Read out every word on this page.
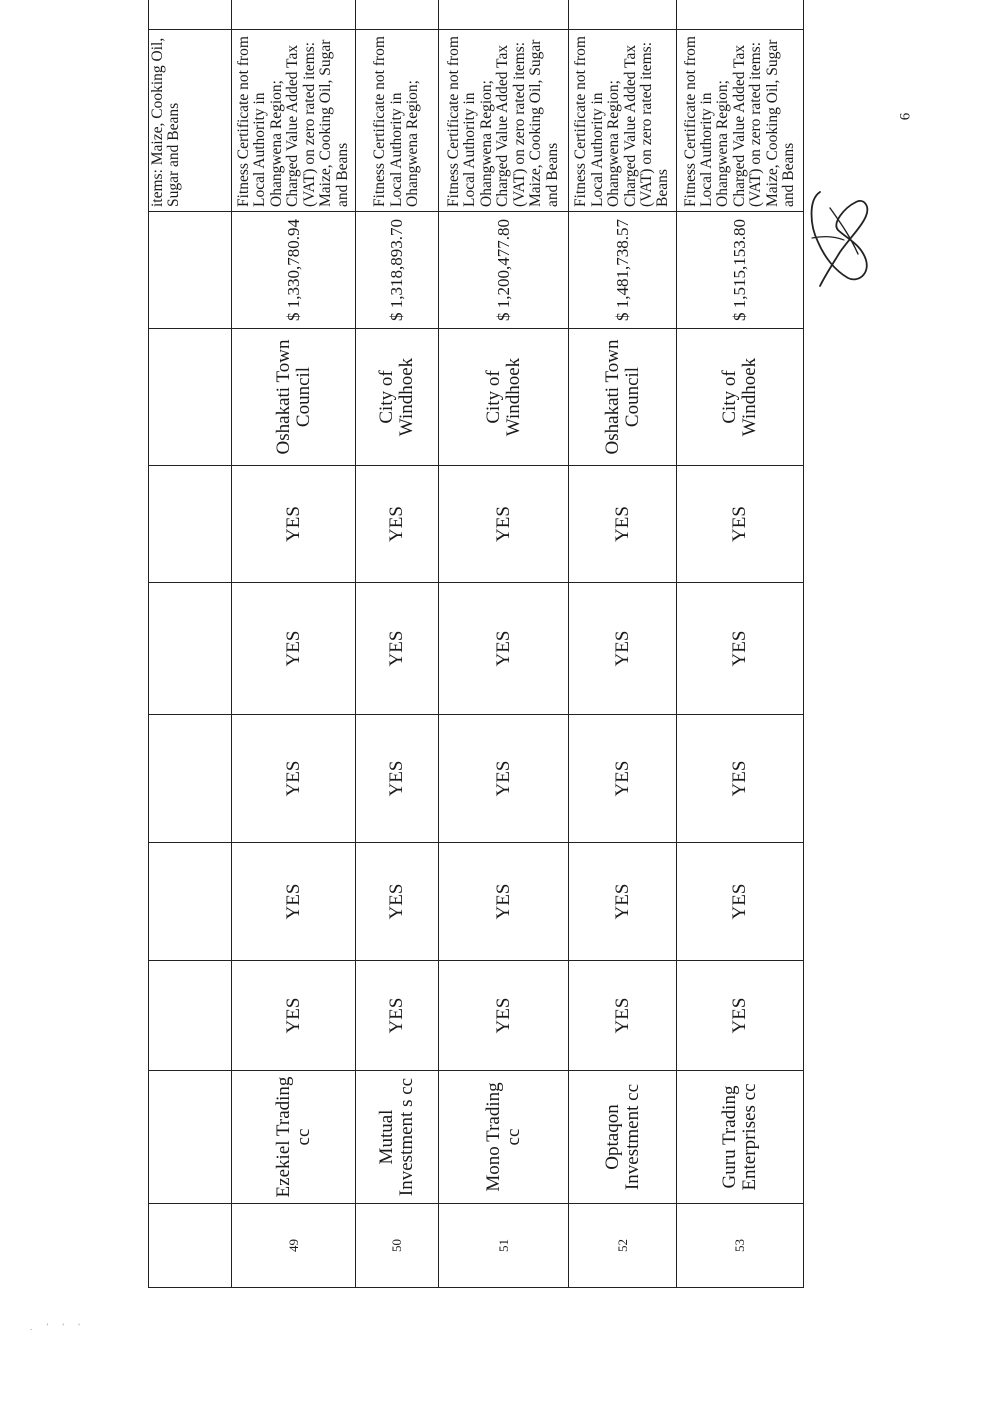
									items: Maize, Cooking Oil, Sugar and Beans	
49	Ezekiel Trading cc	YES	YES	YES	YES	YES	Oshakati Town Council	$ 1,330,780.94	Fitness Certificate not from Local Authority in Ohangwena Region; Charged Value Added Tax (VAT) on zero rated items: Maize, Cooking Oil, Sugar and Beans	
50	Mutual Investment s cc	YES	YES	YES	YES	YES	City of Windhoek	$ 1,318,893.70	Fitness Certificate not from Local Authority in Ohangwena Region;	
51	Mono Trading cc	YES	YES	YES	YES	YES	City of Windhoek	$ 1,200,477.80	Fitness Certificate not from Local Authority in Ohangwena Region; Charged Value Added Tax (VAT) on zero rated items: Maize, Cooking Oil, Sugar and Beans	
52	Optaqon Investment cc	YES	YES	YES	YES	YES	Oshakati Town Council	$ 1,481,738.57	Fitness Certificate not from Local Authority in Ohangwena Region; Charged Value Added Tax (VAT) on zero rated items: Beans	
53	Guru Trading Enterprises cc	YES	YES	YES	YES	YES	City of Windhoek	$ 1,515,153.80	Fitness Certificate not from Local Authority in Ohangwena Region; Charged Value Added Tax (VAT) on zero rated items: Maize, Cooking Oil, Sugar and Beans	
6
. ' ' '
